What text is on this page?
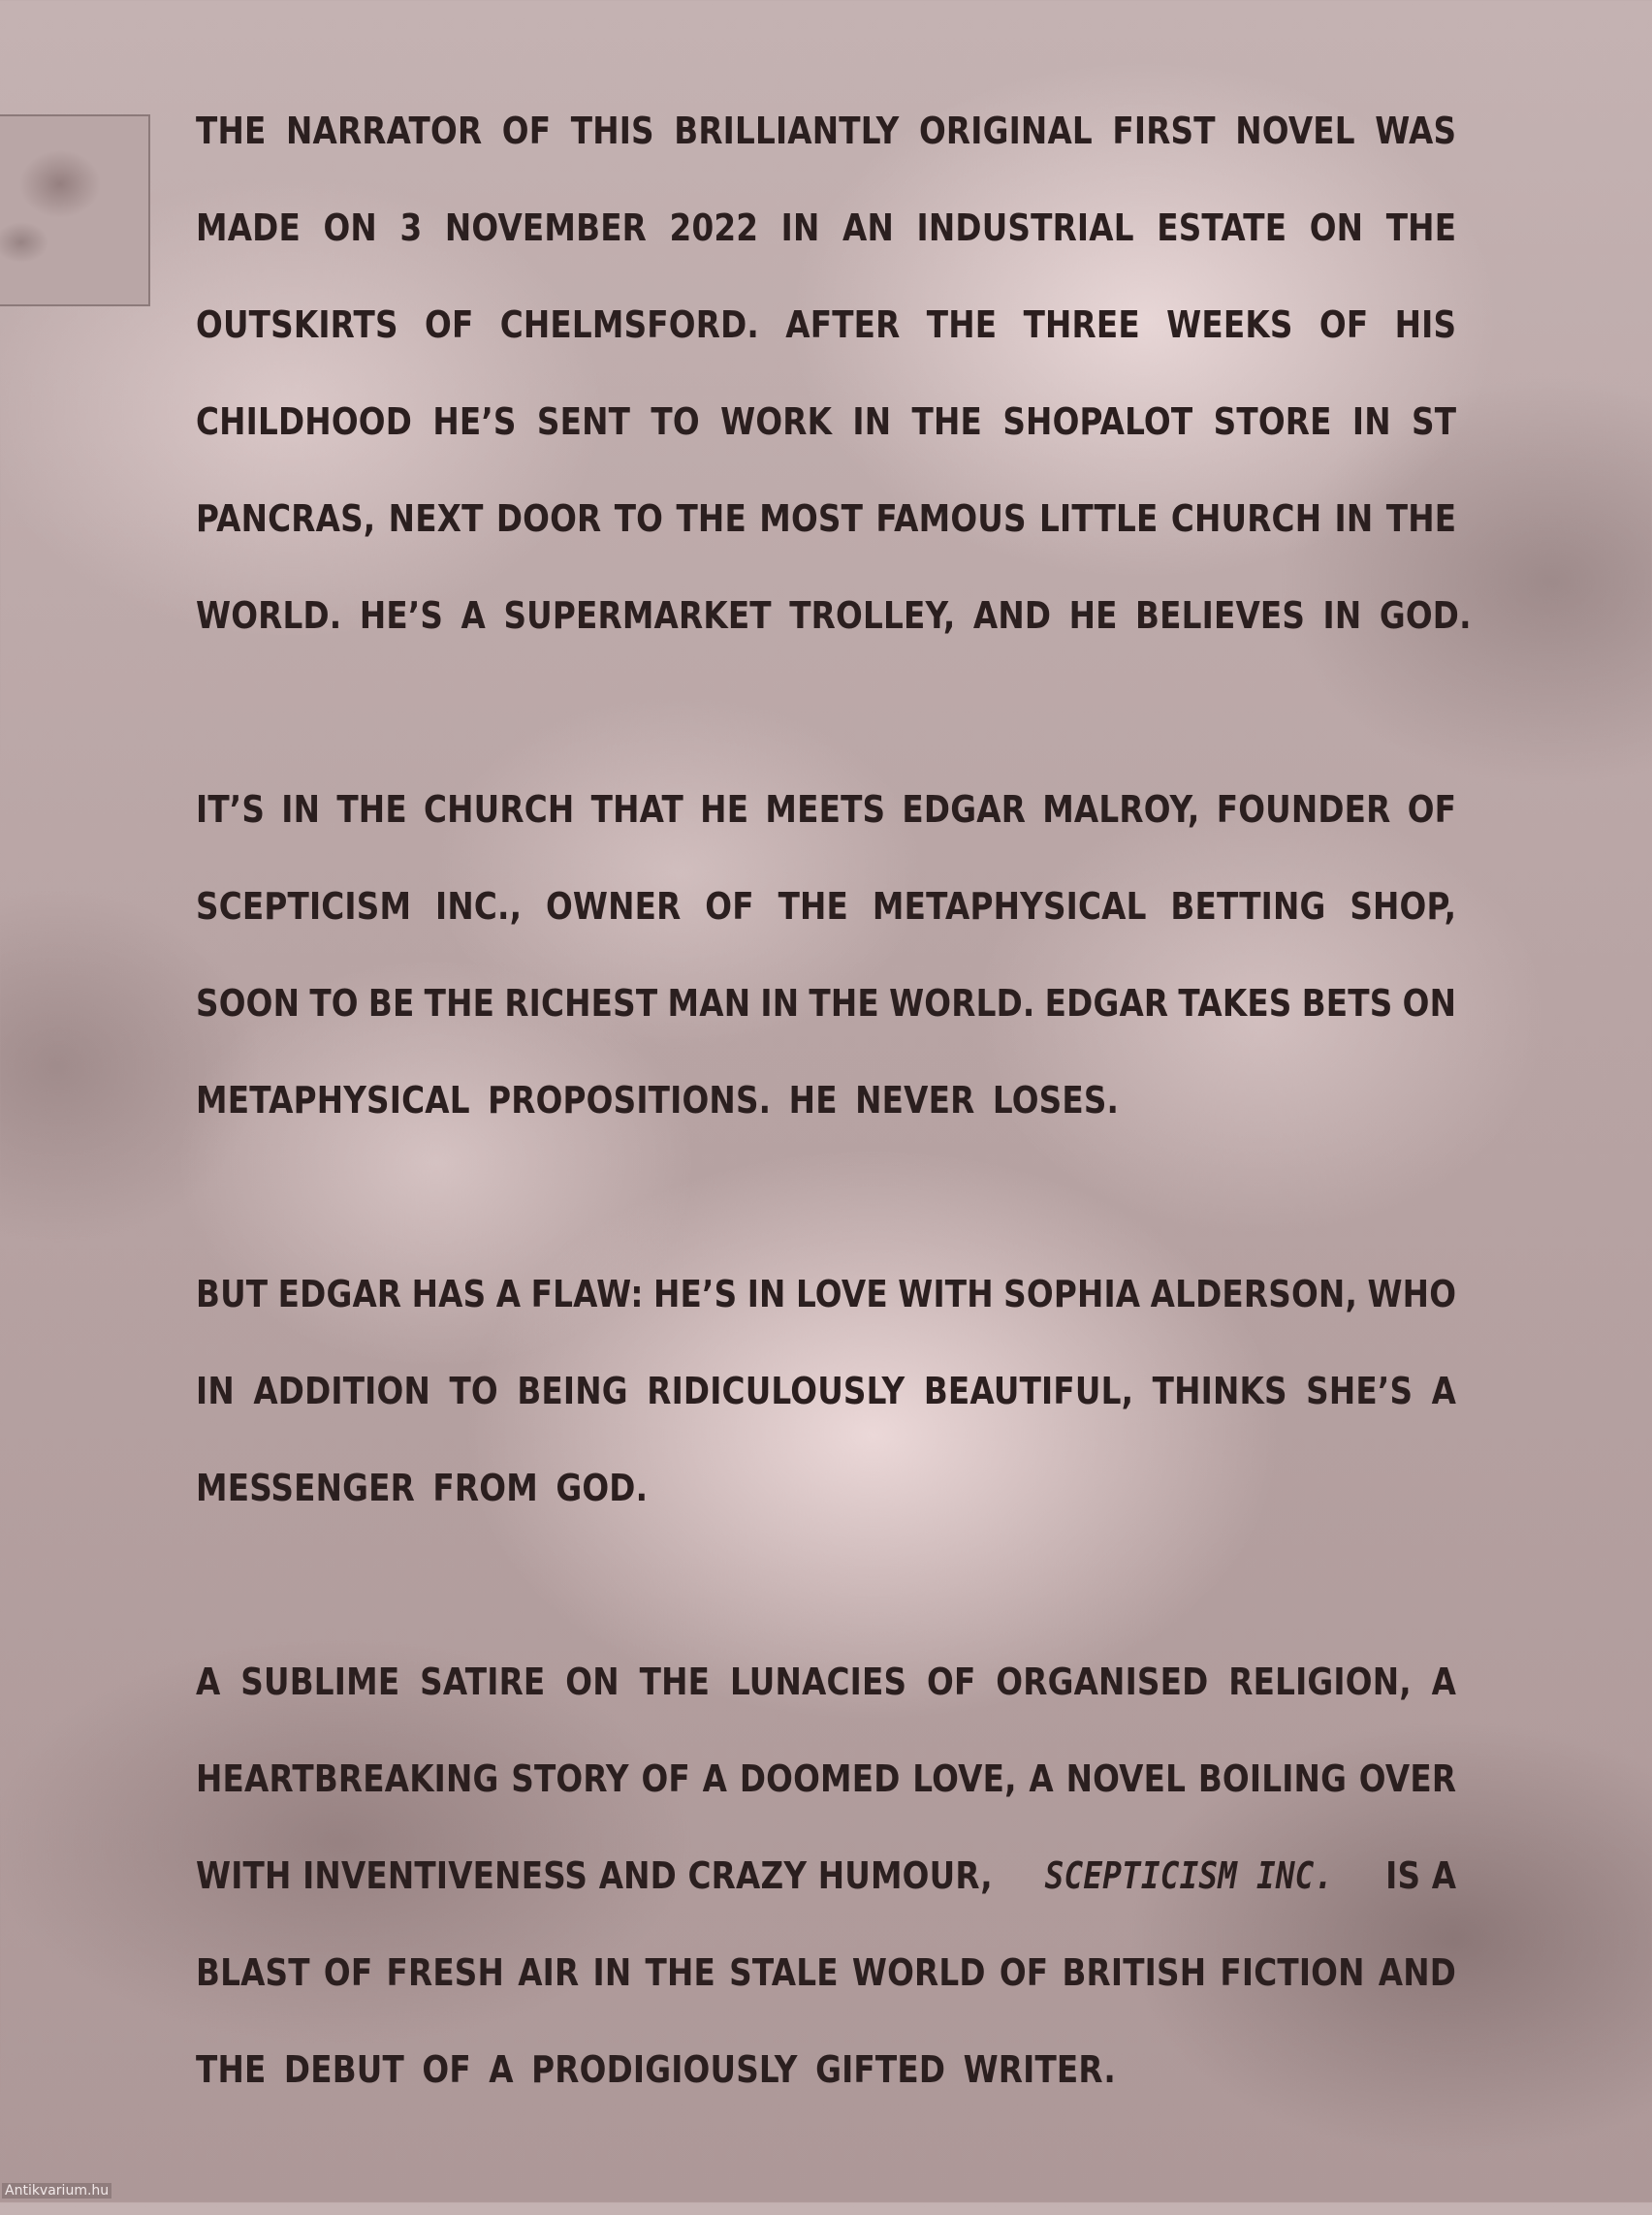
THE NARRATOR OF THIS BRILLIANTLY ORIGINAL FIRST NOVEL WAS
MADE ON 3 NOVEMBER 2022 IN AN INDUSTRIAL ESTATE ON THE
OUTSKIRTS OF CHELMSFORD. AFTER THE THREE WEEKS OF HIS
CHILDHOOD HE’S SENT TO WORK IN THE SHOPALOT STORE IN ST
PANCRAS, NEXT DOOR TO THE MOST FAMOUS LITTLE CHURCH IN THE
WORLD. HE’S A SUPERMARKET TROLLEY, AND HE BELIEVES IN GOD.
IT’S IN THE CHURCH THAT HE MEETS EDGAR MALROY, FOUNDER OF
SCEPTICISM INC., OWNER OF THE METAPHYSICAL BETTING SHOP,
SOON TO BE THE RICHEST MAN IN THE WORLD. EDGAR TAKES BETS ON
METAPHYSICAL PROPOSITIONS. HE NEVER LOSES.
BUT EDGAR HAS A FLAW: HE’S IN LOVE WITH SOPHIA ALDERSON, WHO
IN ADDITION TO BEING RIDICULOUSLY BEAUTIFUL, THINKS SHE’S A
MESSENGER FROM GOD.
A SUBLIME SATIRE ON THE LUNACIES OF ORGANISED RELIGION, A
HEARTBREAKING STORY OF A DOOMED LOVE, A NOVEL BOILING OVER
WITH INVENTIVENESS AND CRAZY HUMOUR, SCEPTICISM INC. IS A
BLAST OF FRESH AIR IN THE STALE WORLD OF BRITISH FICTION AND
THE DEBUT OF A PRODIGIOUSLY GIFTED WRITER.
Antikvarium.hu
